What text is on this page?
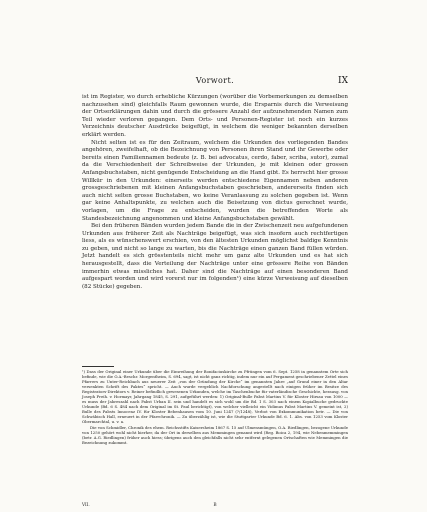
Vorwort.	IX

ist im Register, wo durch erhebliche Kürzungen (worüber die Vorbemerkungen zu demselben nachzusehen sind) gleichfalls Raum gewonnen wurde, die Ersparnis durch die Verweisung der Ortserklärungen dahin und durch die grössere Anzahl der aufzunehmenden Namen zum Teil wieder verloren gegangen. Dem Orts- und Personen-Register ist noch ein kurzes Verzeichnis deutscher Ausdrücke beigefügt, in welchem die weniger bekannten derselben erklärt werden.

Nicht selten ist es für den Zeitraum, welchem die Urkunden des vorliegenden Bandes angehören, zweifelhaft, ob die Bezeichnung von Personen ihren Stand und ihr Gewerbe oder bereits einen Familiennamen bedeute (z. B. bei advocatus, cerdo, faber, scriba, sutor), zumal da die Verschiedenheit der Schreibweise der Urkunden, je mit kleinen oder grossen Anfangsbuchstaben, nicht genügende Entscheidung an die Hand gibt. Es herrscht hier grosse Willkür in den Urkunden: einerseits werden entschiedene Eigennamen neben anderen grossgeschriebenen mit kleinen Anfangsbuchstaben geschrieben, andererseits finden sich auch nicht selten grosse Buchstaben, wo keine Veranlassung zu solchen gegeben ist. Wenn gar keine Anhaltspunkte, zu welchen auch die Beisetzung von dictus gerechnet wurde, vorlagen, um die Frage zu entscheiden, wurden die betreffenden Worte als Standesbezeichnung angenommen und kleine Anfangsbuchstaben gewählt.

Bei den früheren Bänden wurden jedem Bande die in der Zwischenzeit neu aufgefundenen Urkunden aus früherer Zeit als Nachträge beigefügt, was sich insofern auch rechtfertigen liess, als es wünschenswert erschien, von den ältesten Urkunden möglichst baldige Kenntnis zu geben, und nicht so lange zu warten, bis die Nachträge einen ganzen Band füllen würden. Jetzt handelt es sich grösstenteils nicht mehr um ganz alte Urkunden und es hat sich herausgestellt, dass die Verteilung der Nachträge unter eine grössere Reihe von Bänden immerhin etwas missliches hat. Daher sind die Nachträge auf einen besonderen Band aufgespart worden und wird vorerst nur im folgenden¹) eine kürze Verweisung auf dieselben (82 Stücke) gegeben.

¹) Dass der Original einer Urkunde über die Einweihung der Bonifaciuskirche zu Pfrüngen vom 6. Sept. 1258 in genanntem Orte sich befinde, wie die O.A.-Beschr. Morgentheim, S. 694, sagt, ist nicht ganz richtig, indem nur ein auf Pergament geschriebener Zettel eines Pfarrers zu Unter-Reichbach aus neuerer Zeit „von der Gründung der Kirche“ im genannten Jahre „auf Grund einer in den Altar versenkten Schrift des Paktes“ spricht. — Auch wurde vergeblich Nachforschung angestellt nach einigen früher im Besitze des Registrators-Direktors v. Reiner befindlich gewesenen Urkunden, welche im Taschenbuche für vaterländische Geschichte, herausg. von Joseph Freih. v. Hormayr, Jahrgang 1845, S. 291, aufgeführt werden: 1) Original-Bulle Pabst Martins V. für Kloster Hirsau von 1000 — es muss der Jahreszahl nach Pabst Urban II. sein und handelt es sich wohl um die Bd. 1 S. 303 nach einem Kopialbuche gedruckte Urkunde (Bd. 6 S. 484 nach dem Original im St. Paul berichtigt), von welcher vielleicht ein Vidimus Pabst Martins V. gemeint ist, 2) Bulle des Pabsts Innocenz IV. für Kloster Bebenhausen vom 10. Juni 1247 (?/1248), Verbot von Exkommunikation betr. — Die von Schwäbisch Hall, erneuert in der Pfarrchronik. — Zu überzählig ist, wie die Stuttgarter Urkunde Bd. 6. 1. Abs. von 1253 vom Kloster Obermarchtal, u. v. a.

Die von Schmidler, Chronik des ehem. Reichsstifts Kaisersheim 1867 S. 15 auf Ulmensmüngen, O.A. Riedlingen, bezogene Urkunde von 1250 gehört wohl nicht hierher, da der Ort in derselben aus Memmingen genannt wird (Reg. Boica 2, 194, wie Nebenmemmingen (betr. A.G. Riedlingen) früher auch hiess; übrigens auch den gleichfalls nicht sehr entfernt gelegenen Ortschaften wie Memmingen die Bezeichnung zukommt.

VII.	B
